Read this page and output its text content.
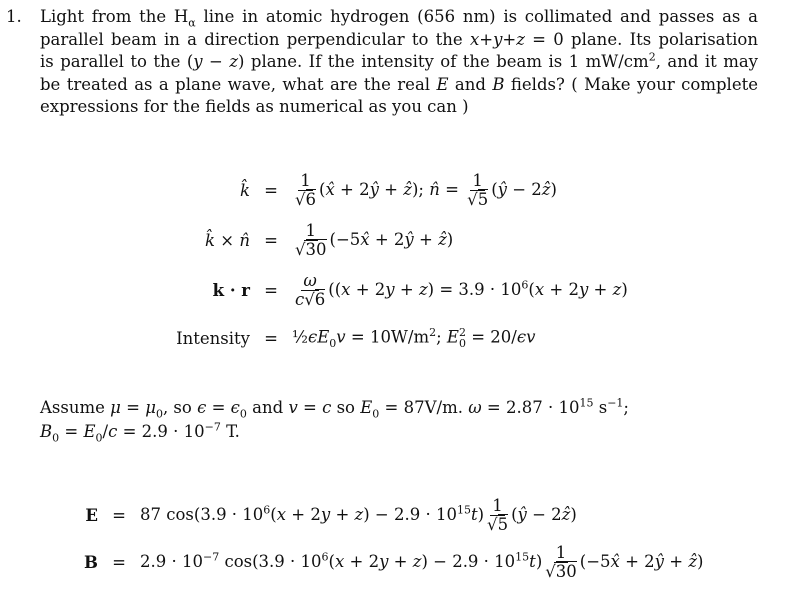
1. Light from the $H_\alpha$ line in atomic hydrogen (656 nm) is collimated and passes as a
parallel beam in a direction perpendicular to the x+y+z = 0 plane. Its polarisation
is parallel to the (y − z) plane. If the intensity of the beam is 1 $mW/cm^2$, and it may
be treated as a plane wave, what are the real E and B fields? ( Make your complete
expressions for the fields as numerical as you can )
k̂ = $\frac{1}{√6}$ (x̂ + 2ŷ + ẑ); n̂ = $\frac{1}{√5}$ (ŷ − 2ẑ)
k̂ × n̂ = $\frac{1}{√30}$ (−5x̂ + 2ŷ + ẑ)
$k \cdot r = \frac{\omega}{c√6} ((x + 2y + z) = 3.9 \cdot 10^6(x + 2y + z)$
Intensity = $\frac{1}{2}\epsilon E_0v = 10W/m^2$; E 2
0 = 20/ϵv
Assume $\mu = \mu_0$, so $\epsilon = \epsilon_0$ and v = c so $E_0 = 87V/m$. $\omega = 2.87 \cdot 10^{15}$ $s^{-1}$;
$B_0 = E_0/c = 2.9 \cdot 10^{-7}$ T.
E = 87 $\cos(3.9 \cdot 10^6(x + 2y + z) - 2.9 \cdot 10^{15}t) \frac{1}{√5}$ (ŷ − 2ẑ)
$B = 2.9 \cdot 10^{-7}$ $\cos(3.9 \cdot 10^6(x + 2y + z) - 2.9 \cdot 10^{15}t) \frac{1}{√30}$ (−5x̂ + 2ŷ + ẑ)
